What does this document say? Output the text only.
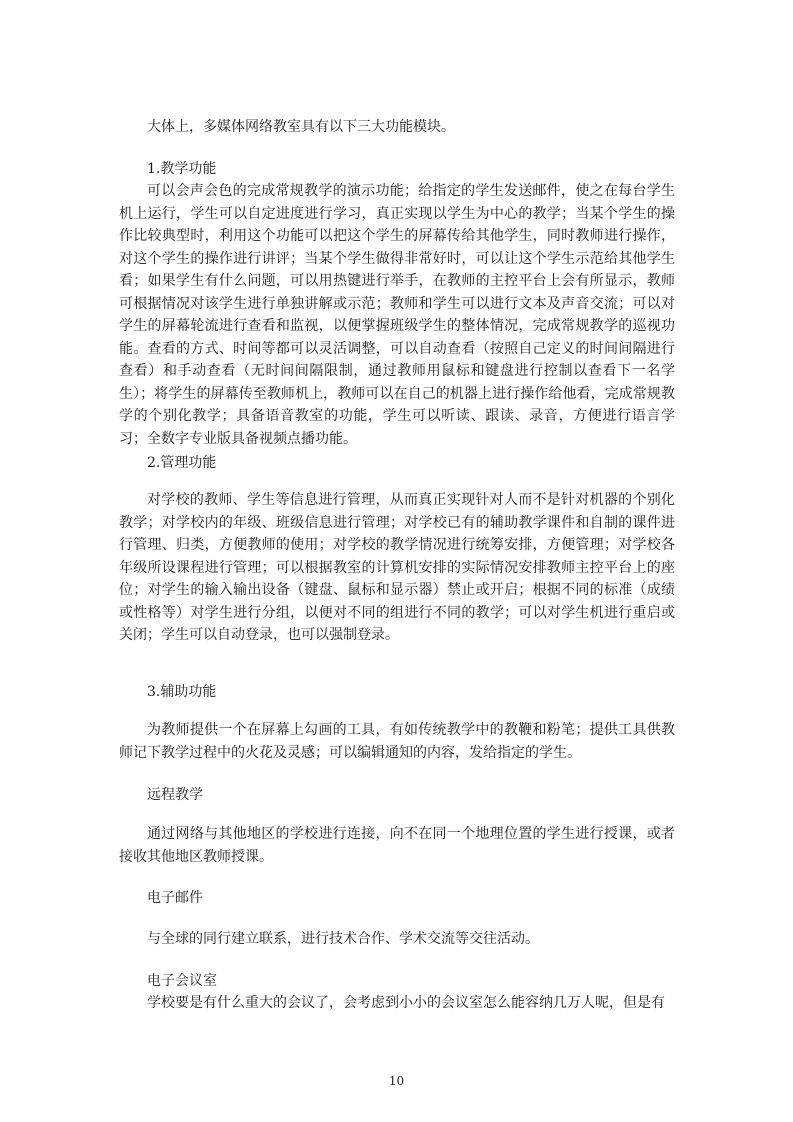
大体上，多媒体网络教室具有以下三大功能模块。

1.教学功能

可以会声会色的完成常规教学的演示功能；给指定的学生发送邮件，使之在每台学生机上运行，学生可以自定进度进行学习，真正实现以学生为中心的教学；当某个学生的操作比较典型时，利用这个功能可以把这个学生的屏幕传给其他学生，同时教师进行操作，对这个学生的操作进行讲评；当某个学生做得非常好时，可以让这个学生示范给其他学生看；如果学生有什么问题，可以用热键进行举手，在教师的主控平台上会有所显示，教师可根据情况对该学生进行单独讲解或示范；教师和学生可以进行文本及声音交流；可以对学生的屏幕轮流进行查看和监视，以便掌握班级学生的整体情况，完成常规教学的巡视功能。查看的方式、时间等都可以灵活调整，可以自动查看（按照自己定义的时间间隔进行查看）和手动查看（无时间间隔限制，通过教师用鼠标和键盘进行控制以查看下一名学生）；将学生的屏幕传至教师机上，教师可以在自己的机器上进行操作给他看，完成常规教学的个别化教学；具备语音教室的功能，学生可以听读、跟读、录音，方便进行语言学习；全数字专业版具备视频点播功能。

2.管理功能

对学校的教师、学生等信息进行管理，从而真正实现针对人而不是针对机器的个别化教学；对学校内的年级、班级信息进行管理；对学校已有的辅助教学课件和自制的课件进行管理、归类，方便教师的使用；对学校的教学情况进行统筹安排，方便管理；对学校各年级所设课程进行管理；可以根据教室的计算机安排的实际情况安排教师主控平台上的座位；对学生的输入输出设备（键盘、鼠标和显示器）禁止或开启；根据不同的标准（成绩或性格等）对学生进行分组，以便对不同的组进行不同的教学；可以对学生机进行重启或关闭；学生可以自动登录，也可以强制登录。

3.辅助功能

为教师提供一个在屏幕上勾画的工具，有如传统教学中的教鞭和粉笔；提供工具供教师记下教学过程中的火花及灵感；可以编辑通知的内容，发给指定的学生。

远程教学

通过网络与其他地区的学校进行连接，向不在同一个地理位置的学生进行授课，或者接收其他地区教师授课。

电子邮件

与全球的同行建立联系，进行技术合作、学术交流等交往活动。

电子会议室

学校要是有什么重大的会议了，会考虑到小小的会议室怎么能容纳几万人呢，但是有

10
